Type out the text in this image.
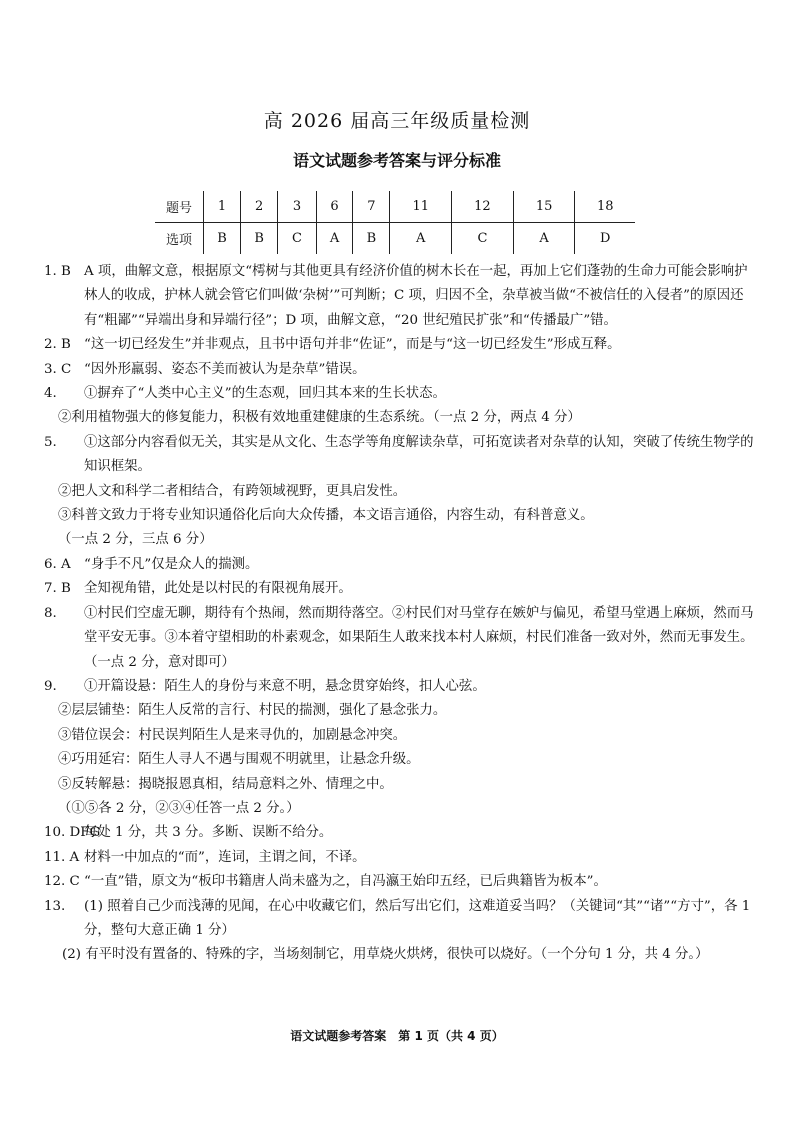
高 2026 届高三年级质量检测
语文试题参考答案与评分标准
题号	1	2	3	6	7	11	12	15	18
选项	B	B	C	A	B	A	C	A	D
1. B A 项，曲解文意，根据原文“樗树与其他更具有经济价值的树木长在一起，再加上它们蓬勃的生命力可能会影响护林人的收成，护林人就会管它们叫做‘杂树’”可判断；C 项，归因不全，杂草被当做“不被信任的入侵者”的原因还有“粗鄙”“异端出身和异端行径”；D 项，曲解文意，“20 世纪殖民扩张”和“传播最广”错。
2. B “这一切已经发生”并非观点，且书中语句并非“佐证”，而是与“这一切已经发生”形成互释。
3. C “因外形羸弱、姿态不美而被认为是杂草”错误。
4. ①摒弃了“人类中心主义”的生态观，回归其本来的生长状态。
②利用植物强大的修复能力，积极有效地重建健康的生态系统。（一点 2 分，两点 4 分）
5. ①这部分内容看似无关，其实是从文化、生态学等角度解读杂草，可拓宽读者对杂草的认知，突破了传统生物学的知识框架。
②把人文和科学二者相结合，有跨领域视野，更具启发性。
③科普文致力于将专业知识通俗化后向大众传播，本文语言通俗，内容生动，有科普意义。
（一点 2 分，三点 6 分）
6. A “身手不凡”仅是众人的揣测。
7. B 全知视角错，此处是以村民的有限视角展开。
8. ①村民们空虚无聊，期待有个热闹，然而期待落空。②村民们对马堂存在嫉妒与偏见，希望马堂遇上麻烦，然而马堂平安无事。③本着守望相助的朴素观念，如果陌生人敢来找本村人麻烦，村民们准备一致对外，然而无事发生。（一点 2 分，意对即可）
9. ①开篇设悬：陌生人的身份与来意不明，悬念贯穿始终，扣人心弦。
②层层铺垫：陌生人反常的言行、村民的揣测，强化了悬念张力。
③错位误会：村民误判陌生人是来寻仇的，加剧悬念冲突。
④巧用延宕：陌生人寻人不遇与围观不明就里，让悬念升级。
⑤反转解悬：揭晓报恩真相，结局意料之外、情理之中。
（①⑤各 2 分，②③④任答一点 2 分。）
10. DFG
每处 1 分，共 3 分。多断、误断不给分。
11. A 材料一中加点的“而”，连词，主谓之间，不译。
12. C “一直”错，原文为“板印书籍唐人尚未盛为之，自冯瀛王始印五经，已后典籍皆为板本”。
13. (1) 照着自己少而浅薄的见闻，在心中收藏它们，然后写出它们，这难道妥当吗？（关键词“其”“诸”“方寸”，各 1 分，整句大意正确 1 分）
(2) 有平时没有置备的、特殊的字，当场刻制它，用草烧火烘烤，很快可以烧好。（一个分句 1 分，共 4 分。）
语文试题参考答案　第 1 页（共 4 页）
